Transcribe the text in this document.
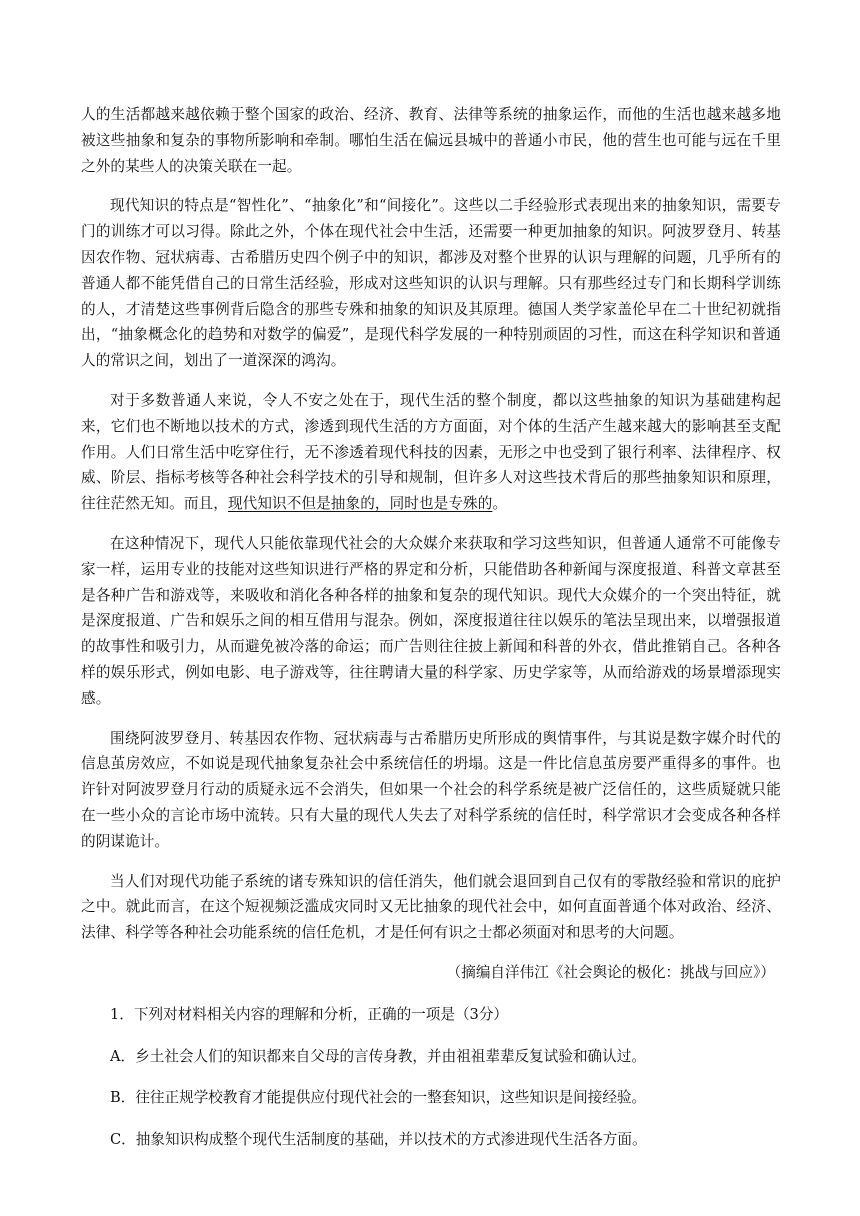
人的生活都越来越依赖于整个国家的政治、经济、教育、法律等系统的抽象运作，而他的生活也越来越多地被这些抽象和复杂的事物所影响和牵制。哪怕生活在偏远县城中的普通小市民，他的营生也可能与远在千里之外的某些人的决策关联在一起。

现代知识的特点是“智性化”、“抽象化”和“间接化”。这些以二手经验形式表现出来的抽象知识，需要专门的训练才可以习得。除此之外，个体在现代社会中生活，还需要一种更加抽象的知识。阿波罗登月、转基因农作物、冠状病毒、古希腊历史四个例子中的知识，都涉及对整个世界的认识与理解的问题，几乎所有的普通人都不能凭借自己的日常生活经验，形成对这些知识的认识与理解。只有那些经过专门和长期科学训练的人，才清楚这些事例背后隐含的那些专殊和抽象的知识及其原理。德国人类学家盖伦早在二十世纪初就指出，“抽象概念化的趋势和对数学的偏爱”，是现代科学发展的一种特别顽固的习性，而这在科学知识和普通人的常识之间，划出了一道深深的鸿沟。

对于多数普通人来说，令人不安之处在于，现代生活的整个制度，都以这些抽象的知识为基础建构起来，它们也不断地以技术的方式，渗透到现代生活的方方面面，对个体的生活产生越来越大的影响甚至支配作用。人们日常生活中吃穿住行，无不渗透着现代科技的因素，无形之中也受到了银行利率、法律程序、权威、阶层、指标考核等各种社会科学技术的引导和规制，但许多人对这些技术背后的那些抽象知识和原理，往往茫然无知。而且，现代知识不但是抽象的，同时也是专殊的。

在这种情况下，现代人只能依靠现代社会的大众媒介来获取和学习这些知识，但普通人通常不可能像专家一样，运用专业的技能对这些知识进行严格的界定和分析，只能借助各种新闻与深度报道、科普文章甚至是各种广告和游戏等，来吸收和消化各种各样的抽象和复杂的现代知识。现代大众媒介的一个突出特征，就是深度报道、广告和娱乐之间的相互借用与混杂。例如，深度报道往往以娱乐的笔法呈现出来，以增强报道的故事性和吸引力，从而避免被冷落的命运；而广告则往往披上新闻和科普的外衣，借此推销自己。各种各样的娱乐形式，例如电影、电子游戏等，往往聘请大量的科学家、历史学家等，从而给游戏的场景增添现实感。

围绕阿波罗登月、转基因农作物、冠状病毒与古希腊历史所形成的舆情事件，与其说是数字媒介时代的信息茧房效应，不如说是现代抽象复杂社会中系统信任的坍塌。这是一件比信息茧房要严重得多的事件。也许针对阿波罗登月行动的质疑永远不会消失，但如果一个社会的科学系统是被广泛信任的，这些质疑就只能在一些小众的言论市场中流转。只有大量的现代人失去了对科学系统的信任时，科学常识才会变成各种各样的阴谋诡计。

当人们对现代功能子系统的诸专殊知识的信任消失，他们就会退回到自己仅有的零散经验和常识的庇护之中。就此而言，在这个短视频泛滥成灾同时又无比抽象的现代社会中，如何直面普通个体对政治、经济、法律、科学等各种社会功能系统的信任危机，才是任何有识之士都必须面对和思考的大问题。

（摘编自洋伟江《社会舆论的极化：挑战与回应》）

1．下列对材料相关内容的理解和分析，正确的一项是（3分）

A．乡土社会人们的知识都来自父母的言传身教，并由祖祖辈辈反复试验和确认过。

B．往往正规学校教育才能提供应付现代社会的一整套知识，这些知识是间接经验。

C．抽象知识构成整个现代生活制度的基础，并以技术的方式渗进现代生活各方面。
